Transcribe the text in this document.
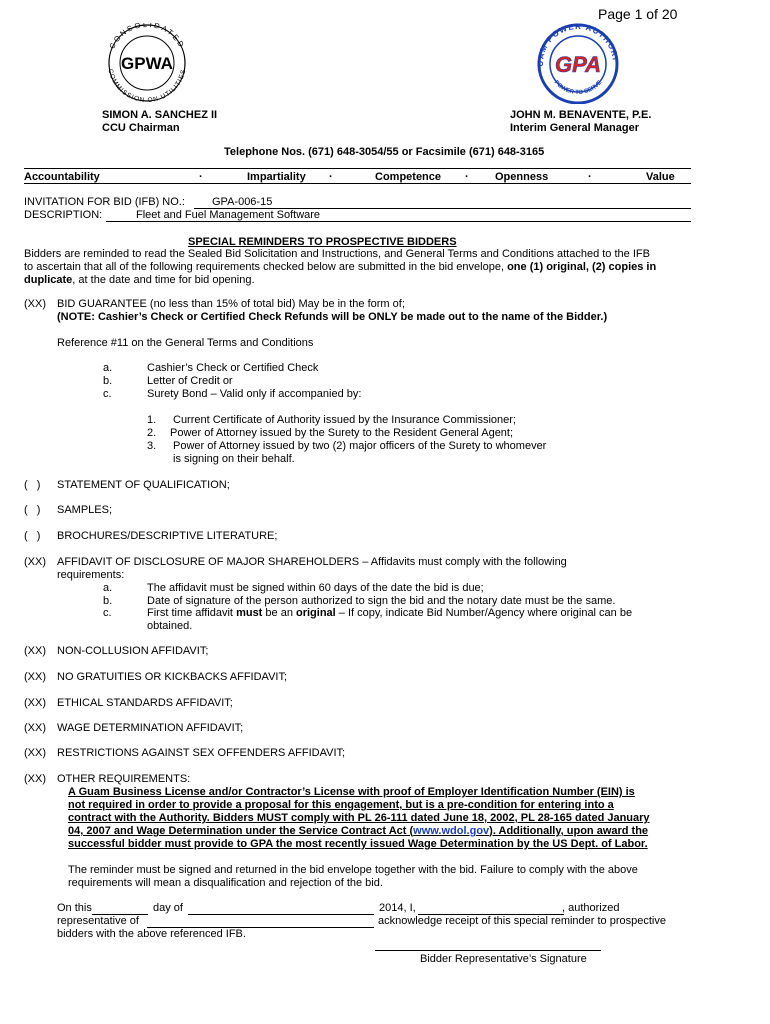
Page 1 of 20
CONSOLIDATED
COMMISSION ON UTILITIES
GPWA	UAM POWER AUTHORI
POWER TO SERVE
GPA
SIMON A. SANCHEZ II
CCU Chairman
JOHN M. BENAVENTE, P.E.
Interim General Manager
Telephone Nos. (671) 648-3054/55 or Facsimile (671) 648-3165
Accountability	·	Impartiality ·	Competence · Openness	·	Value
INVITATION FOR BID (IFB) NO.: GPA-006-15
DESCRIPTION:	Fleet and Fuel Management Software
SPECIAL REMINDERS TO PROSPECTIVE BIDDERS
Bidders are reminded to read the Sealed Bid Solicitation and Instructions, and General Terms and Conditions attached to the IFB
to ascertain that all of the following requirements checked below are submitted in the bid envelope, one (1) original, (2) copies in
duplicate, at the date and time for bid opening.
(XX) BID GUARANTEE (no less than 15% of total bid) May be in the form of;
(NOTE: Cashier’s Check or Certified Check Refunds will be ONLY be made out to the name of the Bidder.)
Reference #11 on the General Terms and Conditions
a.	Cashier’s Check or Certified Check
b.	Letter of Credit or
c.	Surety Bond – Valid only if accompanied by:
1. Current Certificate of Authority issued by the Insurance Commissioner;
2. Power of Attorney issued by the Surety to the Resident General Agent;
3. Power of Attorney issued by two (2) major officers of the Surety to whomever
is signing on their behalf.
( ) STATEMENT OF QUALIFICATION;
( ) SAMPLES;
( ) BROCHURES/DESCRIPTIVE LITERATURE;
(XX) AFFIDAVIT OF DISCLOSURE OF MAJOR SHAREHOLDERS – Affidavits must comply with the following
requirements:
a.	The affidavit must be signed within 60 days of the date the bid is due;
b.	Date of signature of the person authorized to sign the bid and the notary date must be the same.
c.	First time affidavit must be an original – If copy, indicate Bid Number/Agency where original can be
obtained.
(XX) NON-COLLUSION AFFIDAVIT;
(XX) NO GRATUITIES OR KICKBACKS AFFIDAVIT;
(XX) ETHICAL STANDARDS AFFIDAVIT;
(XX) WAGE DETERMINATION AFFIDAVIT;
(XX) RESTRICTIONS AGAINST SEX OFFENDERS AFFIDAVIT;
(XX) OTHER REQUIREMENTS:
A Guam Business License and/or Contractor’s License with proof of Employer Identification Number (EIN) is
not required in order to provide a proposal for this engagement, but is a pre-condition for entering into a
contract with the Authority. Bidders MUST comply with PL 26-111 dated June 18, 2002, PL 28-165 dated January
04, 2007 and Wage Determination under the Service Contract Act (www.wdol.gov). Additionally, upon award the
successful bidder must provide to GPA the most recently issued Wage Determination by the US Dept. of Labor.
The reminder must be signed and returned in the bid envelope together with the bid. Failure to comply with the above
requirements will mean a disqualification and rejection of the bid.
On this	day of	2014, I,	, authorized
representative of	acknowledge receipt of this special reminder to prospective
bidders with the above referenced IFB.
Bidder Representative’s Signature
